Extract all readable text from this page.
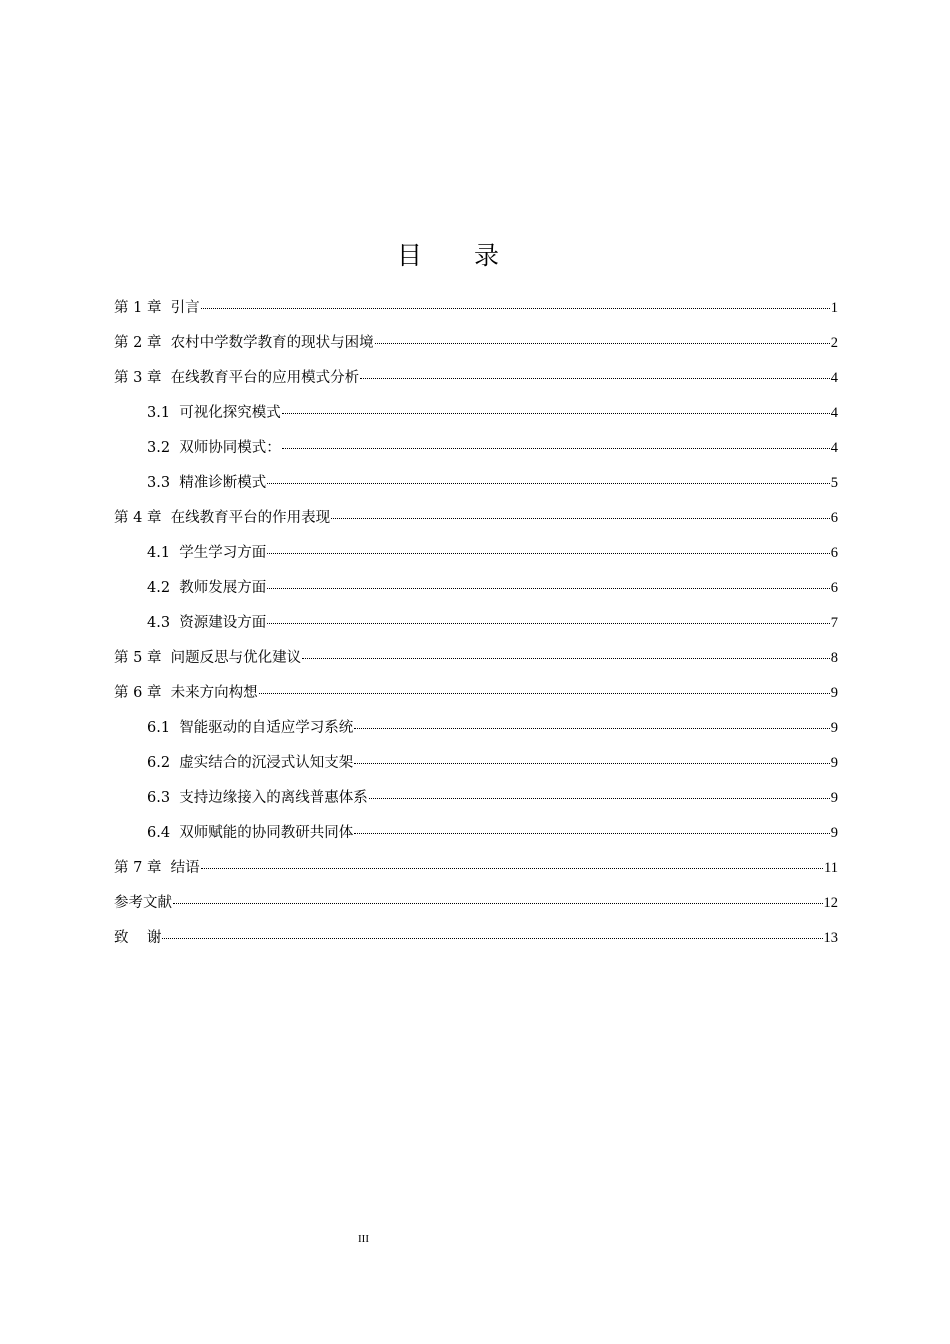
目 录
第 1 章  引言	1
第 2 章  农村中学数学教育的现状与困境	2
第 3 章  在线教育平台的应用模式分析	4
3.1  可视化探究模式	4
3.2  双师协同模式：	4
3.3  精准诊断模式	5
第 4 章  在线教育平台的作用表现	6
4.1  学生学习方面	6
4.2  教师发展方面	6
4.3  资源建设方面	7
第 5 章  问题反思与优化建议	8
第 6 章  未来方向构想	9
6.1  智能驱动的自适应学习系统	9
6.2  虚实结合的沉浸式认知支架	9
6.3  支持边缘接入的离线普惠体系	9
6.4  双师赋能的协同教研共同体	9
第 7 章  结语	11
参考文献	12
致    谢	13
III
